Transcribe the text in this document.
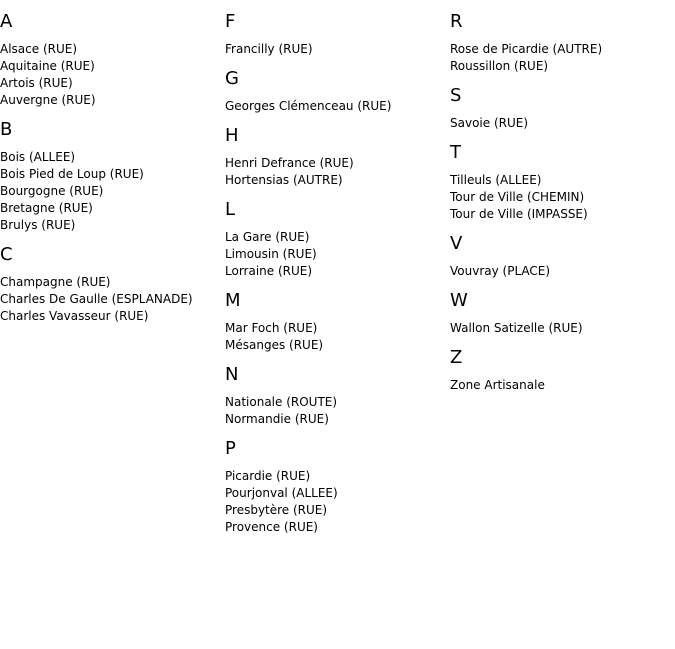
A
Alsace (RUE)
Aquitaine (RUE)
Artois (RUE)
Auvergne (RUE)
B
Bois (ALLEE)
Bois Pied de Loup (RUE)
Bourgogne (RUE)
Bretagne (RUE)
Brulys (RUE)
C
Champagne (RUE)
Charles De Gaulle (ESPLANADE)
Charles Vavasseur (RUE)
F
Francilly (RUE)
G
Georges Clémenceau (RUE)
H
Henri Defrance (RUE)
Hortensias (AUTRE)
L
La Gare (RUE)
Limousin (RUE)
Lorraine (RUE)
M
Mar Foch (RUE)
Mésanges (RUE)
N
Nationale (ROUTE)
Normandie (RUE)
P
Picardie (RUE)
Pourjonval (ALLEE)
Presbytère (RUE)
Provence (RUE)
R
Rose de Picardie (AUTRE)
Roussillon (RUE)
S
Savoie (RUE)
T
Tilleuls (ALLEE)
Tour de Ville (CHEMIN)
Tour de Ville (IMPASSE)
V
Vouvray (PLACE)
W
Wallon Satizelle (RUE)
Z
Zone Artisanale
